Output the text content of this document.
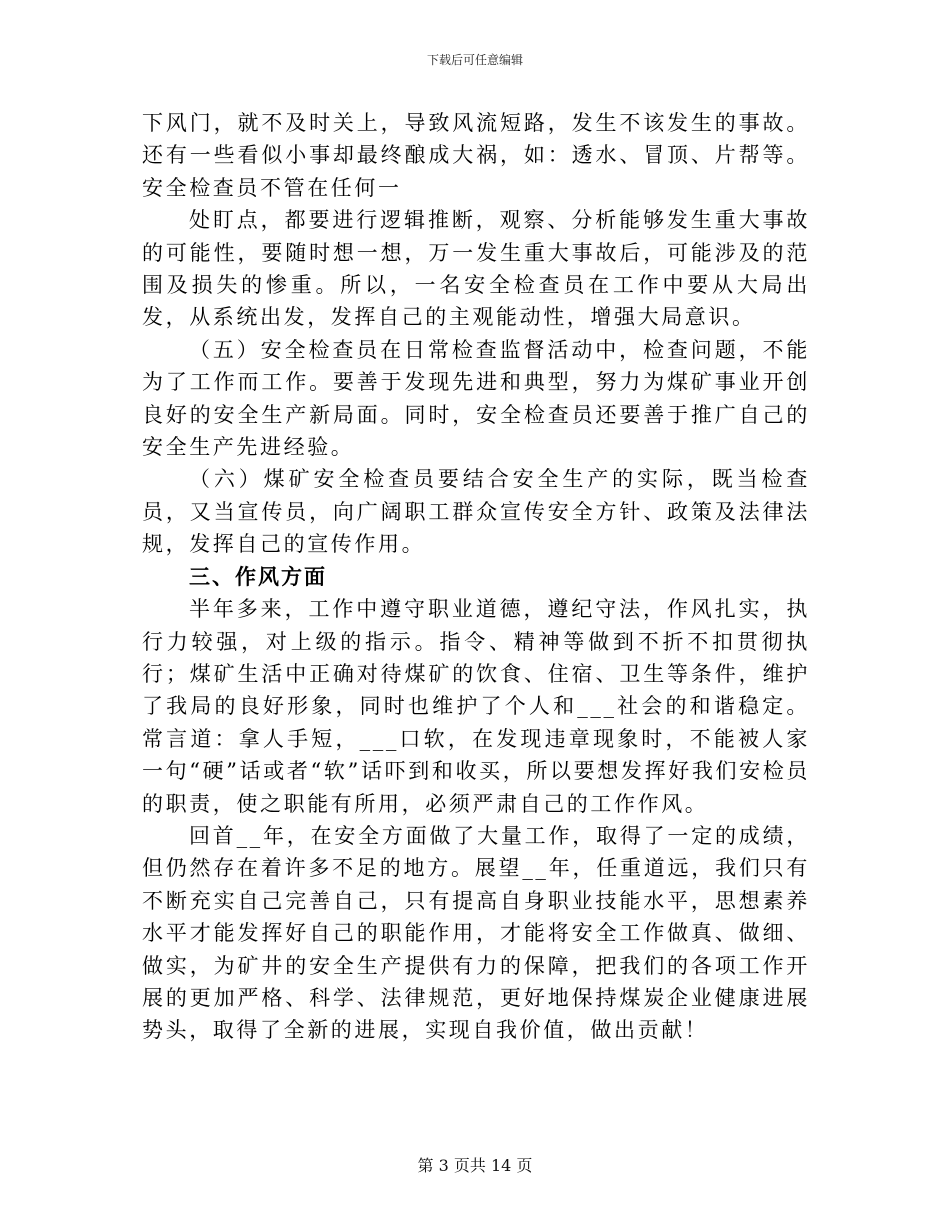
下载后可任意编辑

下风门，就不及时关上，导致风流短路，发生不该发生的事故。还有一些看似小事却最终酿成大祸，如：透水、冒顶、片帮等。安全检查员不管在任何一

处盯点，都要进行逻辑推断，观察、分析能够发生重大事故的可能性，要随时想一想，万一发生重大事故后，可能涉及的范围及损失的惨重。所以，一名安全检查员在工作中要从大局出发，从系统出发，发挥自己的主观能动性，增强大局意识。

（五）安全检查员在日常检查监督活动中，检查问题，不能为了工作而工作。要善于发现先进和典型，努力为煤矿事业开创良好的安全生产新局面。同时，安全检查员还要善于推广自己的安全生产先进经验。

（六）煤矿安全检查员要结合安全生产的实际，既当检查员，又当宣传员，向广阔职工群众宣传安全方针、政策及法律法规，发挥自己的宣传作用。

三、作风方面

半年多来，工作中遵守职业道德，遵纪守法，作风扎实，执行力较强，对上级的指示。指令、精神等做到不折不扣贯彻执行；煤矿生活中正确对待煤矿的饮食、住宿、卫生等条件，维护了我局的良好形象，同时也维护了个人和___社会的和谐稳定。常言道：拿人手短，___口软，在发现违章现象时，不能被人家一句“硬”话或者“软”话吓到和收买，所以要想发挥好我们安检员的职责，使之职能有所用，必须严肃自己的工作作风。

回首__年，在安全方面做了大量工作，取得了一定的成绩，但仍然存在着许多不足的地方。展望__年，任重道远，我们只有不断充实自己完善自己，只有提高自身职业技能水平，思想素养水平才能发挥好自己的职能作用，才能将安全工作做真、做细、做实，为矿井的安全生产提供有力的保障，把我们的各项工作开展的更加严格、科学、法律规范，更好地保持煤炭企业健康进展势头，取得了全新的进展，实现自我价值，做出贡献！

第 3 页共 14 页
